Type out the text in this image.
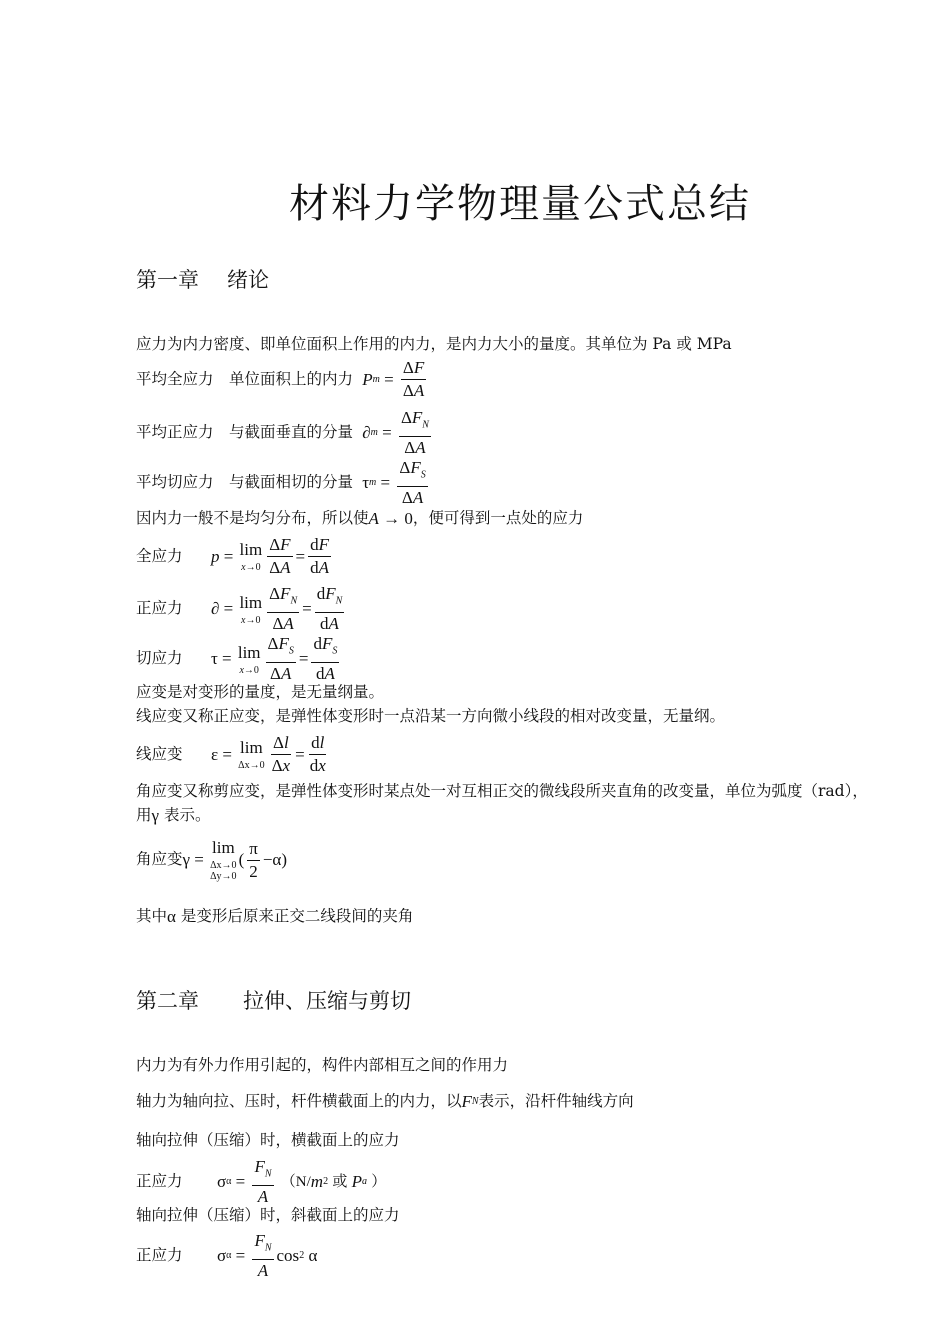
材料力学物理量公式总结
第一章 绪论
应力为内力密度、即单位面积上作用的内力，是内力大小的量度。其单位为 Pa 或 MPa
平均全应力　单位面积上的内力 P $m = \frac{\Delta F}{\Delta A}$
平均正应力　与截面垂直的分量  ∂ $m = \frac{\Delta F_N}{\Delta A}$
平均切应力　与截面相切的分量  τ $m = \frac{\Delta F_S}{\Delta A}$
因内力一般不是均匀分布，所以使 A → 0，便可得到一点处的应力
全应力 p = lim
$x\to 0 \frac{\Delta F}{\Delta A} = \frac{dF}{dA}$
正应力 ∂ = lim
$x\to 0 \frac{\Delta F_N}{\Delta A} = \frac{dF_N}{dA}$
切应力 τ = lim
$x\to 0 \frac{\Delta F_S}{\Delta A} = \frac{dF_S}{dA}$
应变是对变形的量度，是无量纲量。
线应变又称正应变，是弹性体变形时一点沿某一方向微小线段的相对改变量，无量纲。
线应变 ε = lim
$\Delta x\to 0 \frac{\Delta l}{\Delta x} = \frac{dl}{dx}$
角应变又称剪应变，是弹性体变形时某点处一对互相正交的微线段所夹直角的改变量，单位为弧度（rad），
用γ 表示。
角应变γ =
lim
Δx→0
Δy→0
( $\frac{\pi}{2} -\alpha$)
其中α 是变形后原来正交二线段间的夹角
第二章 拉伸、压缩与剪切
内力为有外力作用引起的，构件内部相互之间的作用力
轴力为轴向拉、压时，杆件横截面上的内力，以 F N 表示，沿杆件轴线方向
轴向拉伸（压缩）时，横截面上的应力
正应力 σ $\alpha = \frac{F_N}{A}$
（N/ m 2
或
P a
）
轴向拉伸（压缩）时，斜截面上的应力
正应力 σ $\alpha = \frac{F_N}{A}$ cos 2 α
